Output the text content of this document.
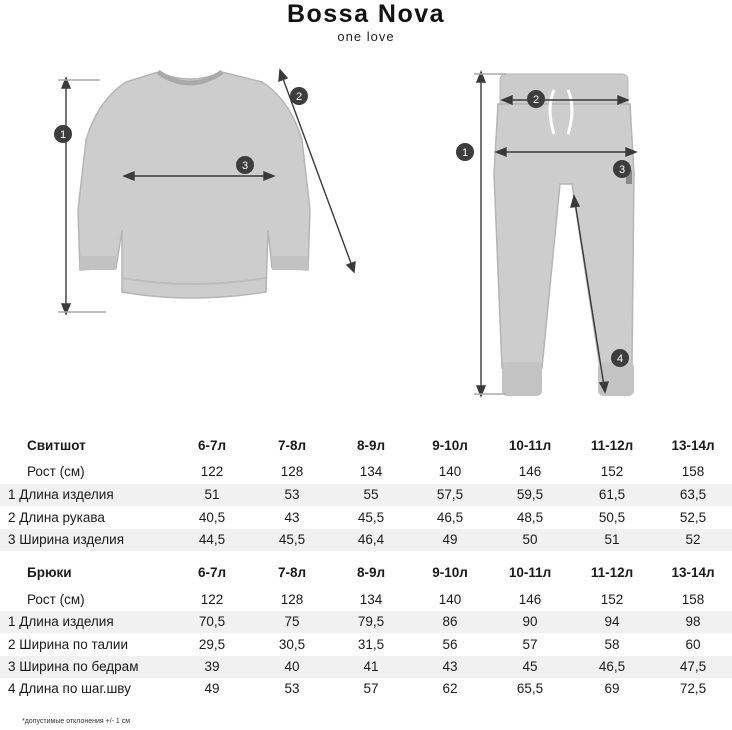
Bossa Nova
one love
1
2
3
1
2
3
4
Свитшот	6-7л	7-8л	8-9л	9-10л	10-11л	11-12л	13-14л
Рост (см)	122	128	134	140	146	152	158
1 Длина изделия	51	53	55	57,5	59,5	61,5	63,5
2 Длина рукава	40,5	43	45,5	46,5	48,5	50,5	52,5
3 Ширина изделия	44,5	45,5	46,4	49	50	51	52
Брюки	6-7л	7-8л	8-9л	9-10л	10-11л	11-12л	13-14л
Рост (см)	122	128	134	140	146	152	158
1 Длина изделия	70,5	75	79,5	86	90	94	98
2 Ширина по талии	29,5	30,5	31,5	56	57	58	60
3 Ширина по бедрам	39	40	41	43	45	46,5	47,5
4 Длина по шаг.шву	49	53	57	62	65,5	69	72,5
*допустимые отклонения +/- 1 см
